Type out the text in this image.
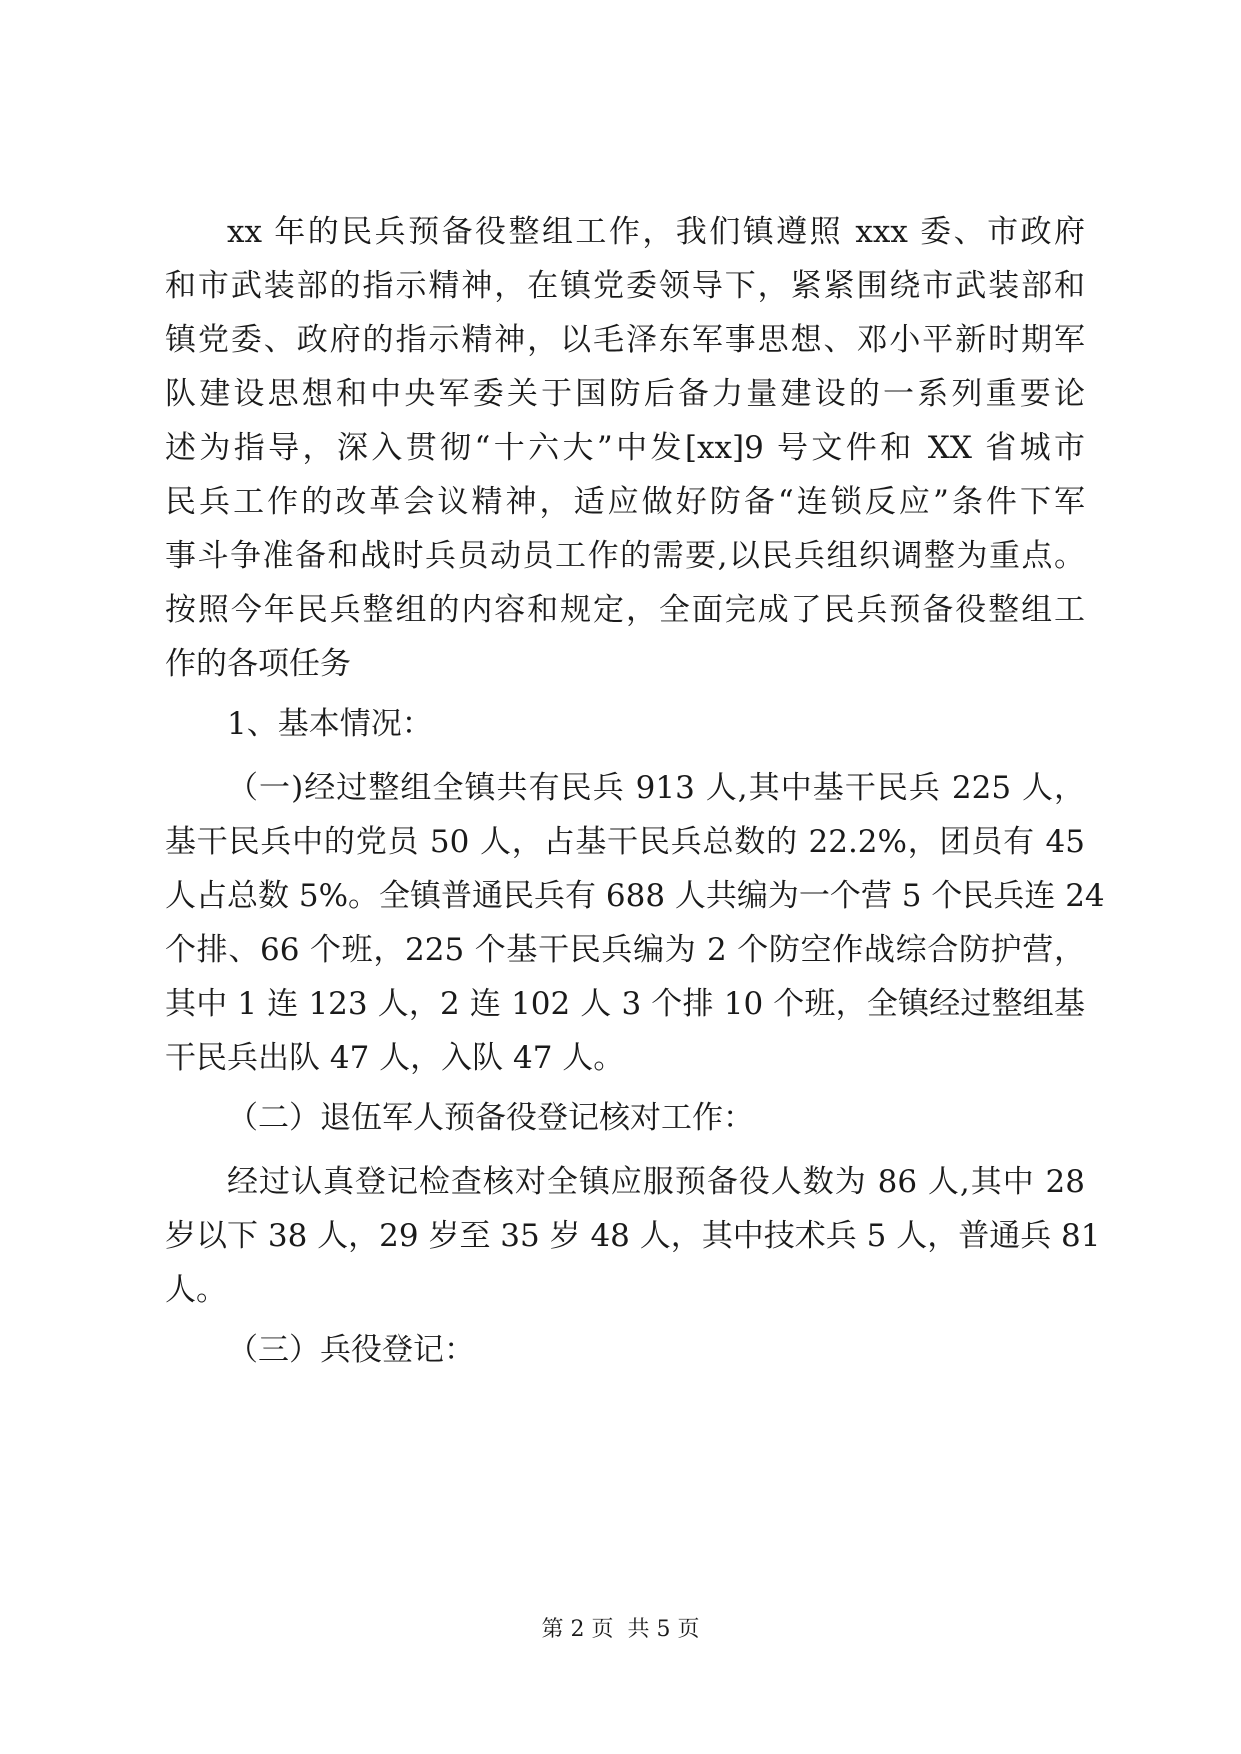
xx 年的民兵预备役整组工作，我们镇遵照 xxx 委、市政府
和市武装部的指示精神，在镇党委领导下，紧紧围绕市武装部和
镇党委、政府的指示精神，以毛泽东军事思想、邓小平新时期军
队建设思想和中央军委关于国防后备力量建设的一系列重要论
述为指导，深入贯彻“十六大”中发[xx]9 号文件和 XX 省城市
民兵工作的改革会议精神，适应做好防备“连锁反应”条件下军
事斗争准备和战时兵员动员工作的需要,以民兵组织调整为重点。
按照今年民兵整组的内容和规定，全面完成了民兵预备役整组工
作的各项任务
1、基本情况：
（一)经过整组全镇共有民兵 913 人,其中基干民兵 225 人，
基干民兵中的党员 50 人，占基干民兵总数的 22.2%，团员有 45
人占总数 5%。全镇普通民兵有 688 人共编为一个营 5 个民兵连 24
个排、66 个班，225 个基干民兵编为 2 个防空作战综合防护营，
其中 1 连 123 人，2 连 102 人 3 个排 10 个班，全镇经过整组基
干民兵出队 47 人，入队 47 人。
（二）退伍军人预备役登记核对工作：
经过认真登记检查核对全镇应服预备役人数为 86 人,其中 28
岁以下 38 人，29 岁至 35 岁 48 人，其中技术兵 5 人，普通兵 81
人。
（三）兵役登记：
第 2 页  共 5 页
